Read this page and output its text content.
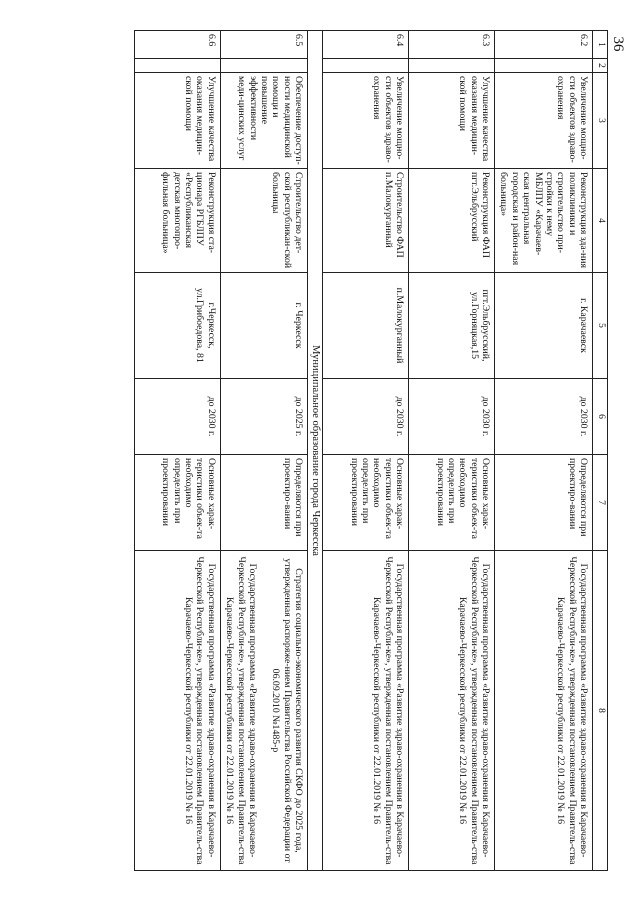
36
1	2	3	4	5	6	7	8
6.2		Увеличение мощно-сти объектов здраво-охранения	Реконструкция зда-ния поликлиники и строительство при-стройки к нему МБЛПУ «Карачаев-ская центральная городская и район-ная больница»	г. Карачаевск	до 2030 г.	Определяются при проектиро-вании	Государственная программа «Развитие здраво-охранения в Карачаево-Черкесской Республи-ке», утвержденная постановлением Правитель-ства Карачаево-Черкесской республики от 22.01.2019 № 16

6.3		Улучшение качества оказания медицин-ской помощи	Реконструкция ФАП пгт.Эльбрусский	пгт.Эльбрусский, ул.Горняцкая,15	до 2030 г.	Основные харак-теристики объек-та необходимо определить при проектировании	Государственная программа «Развитие здраво-охранения в Карачаево-Черкесской Республи-ке», утвержденная постановлением Правитель-ства Карачаево-Черкесской республики от 22.01.2019 № 16

6.4		Увеличение мощно-сти объектов здраво-охранения	Строительство ФАП п.Малокурганный	п.Малокурганный	до 2030 г.	Основные харак-теристики объек-та необходимо определить при проектировании	Государственная программа «Развитие здраво-охранения в Карачаево-Черкесской Республи-ке», утвержденная постановлением Правитель-ства Карачаево-Черкесской республики от 22.01.2019 № 16

Муниципальное образование города Черкесска							
6.5		Обеспечение доступ-ности медицинской помощи и повышение эффективности меди-цинских услуг	Строительство дет-ской республикан-ской больницы	г. Черкесск	до 2025 г.	Определяются при проектиро-вании	Стратегия социально-экономического развития СКФО до 2025 года, утвержденная распоряже-нием Правительства Российской Федерации от 06.09.2010 №1485-р
Государственная программа «Развитие здраво-охранения в Карачаево-Черкесской Республи-ке», утвержденная постановлением Правитель-ства Карачаево-Черкесской республики от 22.01.2019 № 16

6.6		Улучшение качества оказания медицин-ской помощи	Реконструкция ста-ционара РГБЛПУ «Республиканская детская многопро-фильная больница»	г.Черкесск, ул.Грибоедова, 81	до 2030 г.	Основные харак-теристики объек-та необходимо определить при проектировании	Государственная программа «Развитие здраво-охранения в Карачаево-Черкесской Республи-ке», утвержденная постановлением Правитель-ства Карачаево-Черкесской республики от 22.01.2019 № 16
